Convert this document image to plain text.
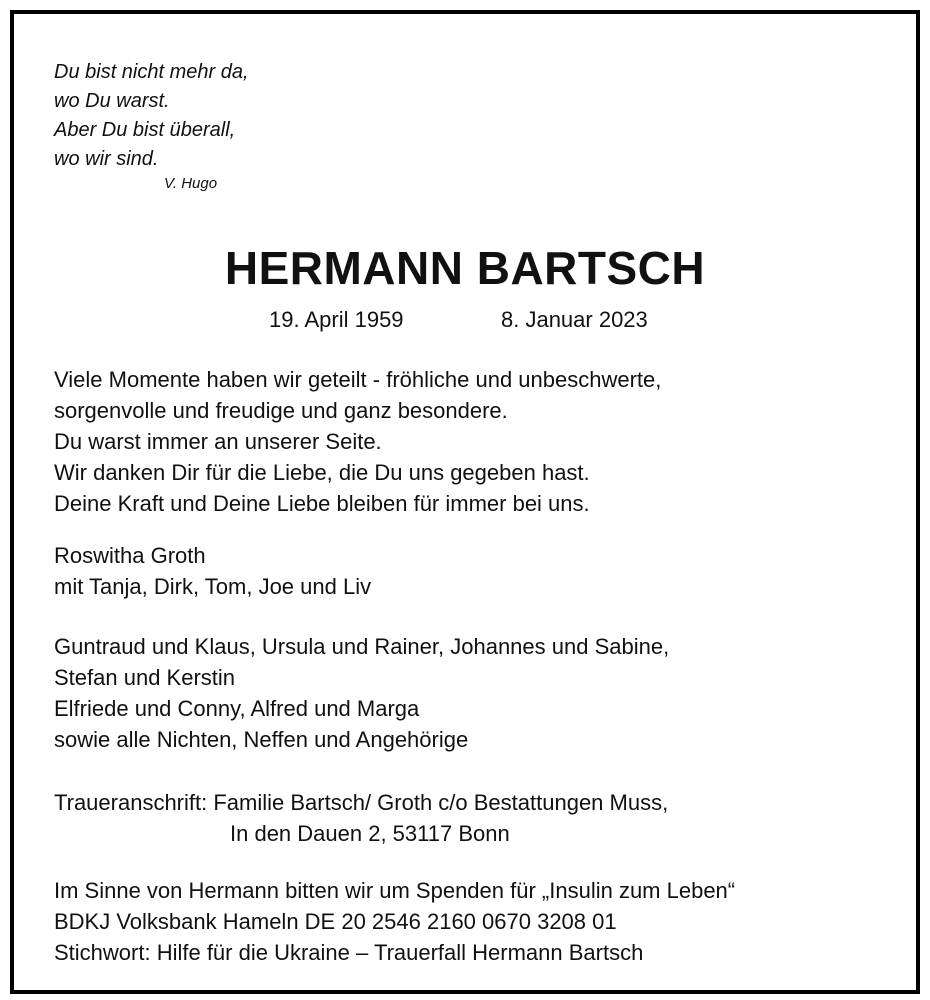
Du bist nicht mehr da,
wo Du warst.
Aber Du bist überall,
wo wir sind.
V. Hugo
HERMANN BARTSCH
19. April 1959	8. Januar 2023
Viele Momente haben wir geteilt - fröhliche und unbeschwerte,
sorgenvolle und freudige und ganz besondere.
Du warst immer an unserer Seite.
Wir danken Dir für die Liebe, die Du uns gegeben hast.
Deine Kraft und Deine Liebe bleiben für immer bei uns.
Roswitha Groth
mit Tanja, Dirk, Tom, Joe und Liv
Guntraud und Klaus, Ursula und Rainer, Johannes und Sabine,
Stefan und Kerstin
Elfriede und Conny, Alfred und Marga
sowie alle Nichten, Neffen und Angehörige
Traueranschrift: Familie Bartsch/ Groth c/o Bestattungen Muss,
In den Dauen 2, 53117 Bonn
Im Sinne von Hermann bitten wir um Spenden für „Insulin zum Leben“
BDKJ Volksbank Hameln DE 20 2546 2160 0670 3208 01
Stichwort: Hilfe für die Ukraine – Trauerfall Hermann Bartsch
